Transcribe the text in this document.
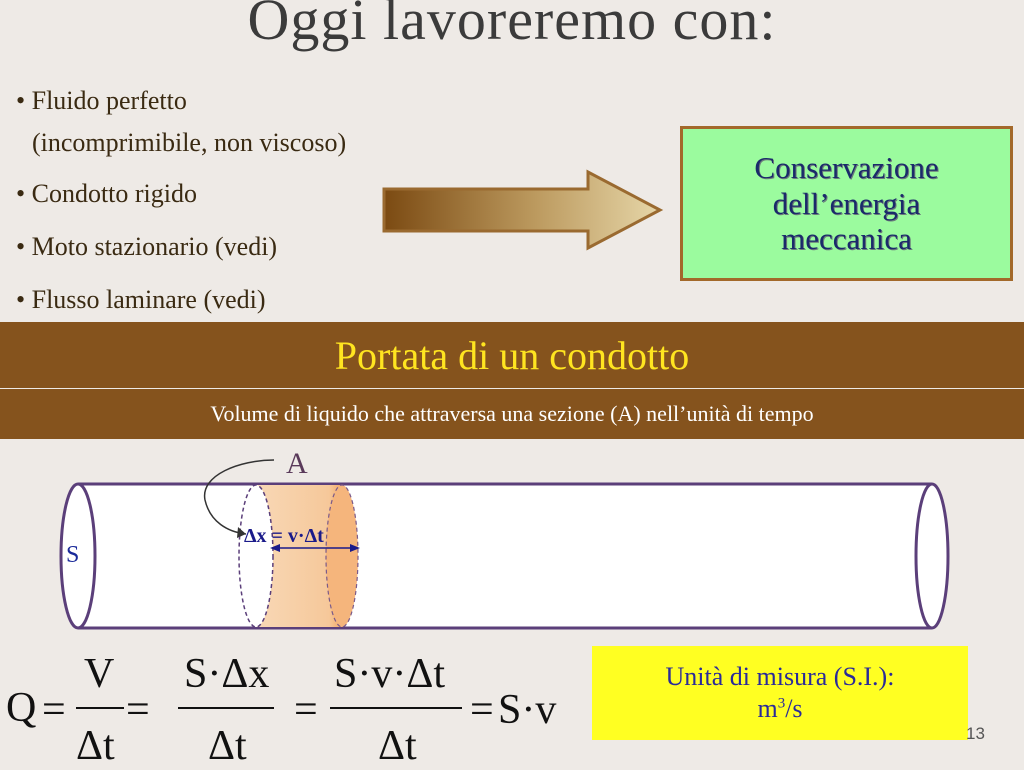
Oggi lavoreremo con:
• Fluido perfetto
(incomprimibile, non viscoso)
• Condotto rigido
• Moto stazionario (vedi)
• Flusso laminare (vedi)
Conservazione
dell’energia
meccanica
Portata di un condotto
Volume di liquido che attraversa una sezione (A) nell’unità di tempo
A
S
Δx = v·Δt
Q =
V
Δt
=
S·Δx
Δt
=
S·v·Δt
Δt
= S·v
Unità di misura (S.I.):
$m^3/s$
13
